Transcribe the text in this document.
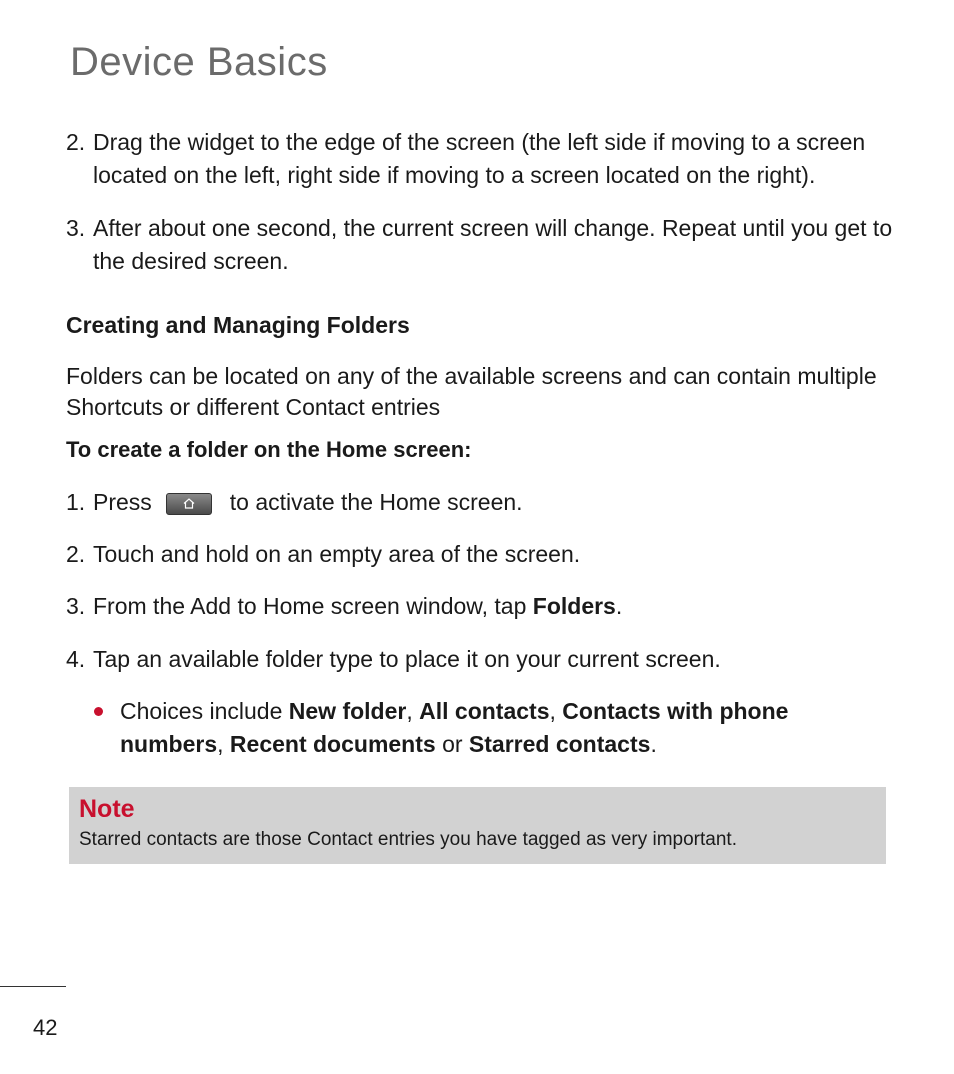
Device Basics
2. Drag the widget to the edge of the screen (the left side if moving to a screen located on the left, right side if moving to a screen located on the right).
3. After about one second, the current screen will change. Repeat until you get to the desired screen.
Creating and Managing Folders

Folders can be located on any of the available screens and can contain multiple Shortcuts or different Contact entries

To create a folder on the Home screen:
1. Press	to activate the Home screen.
2. Touch and hold on an empty area of the screen.
3. From the Add to Home screen window, tap Folders.
4. Tap an available folder type to place it on your current screen.
Choices include New folder, All contacts, Contacts with phone numbers, Recent documents or Starred contacts.

Note

Starred contacts are those Contact entries you have tagged as very important.

42
